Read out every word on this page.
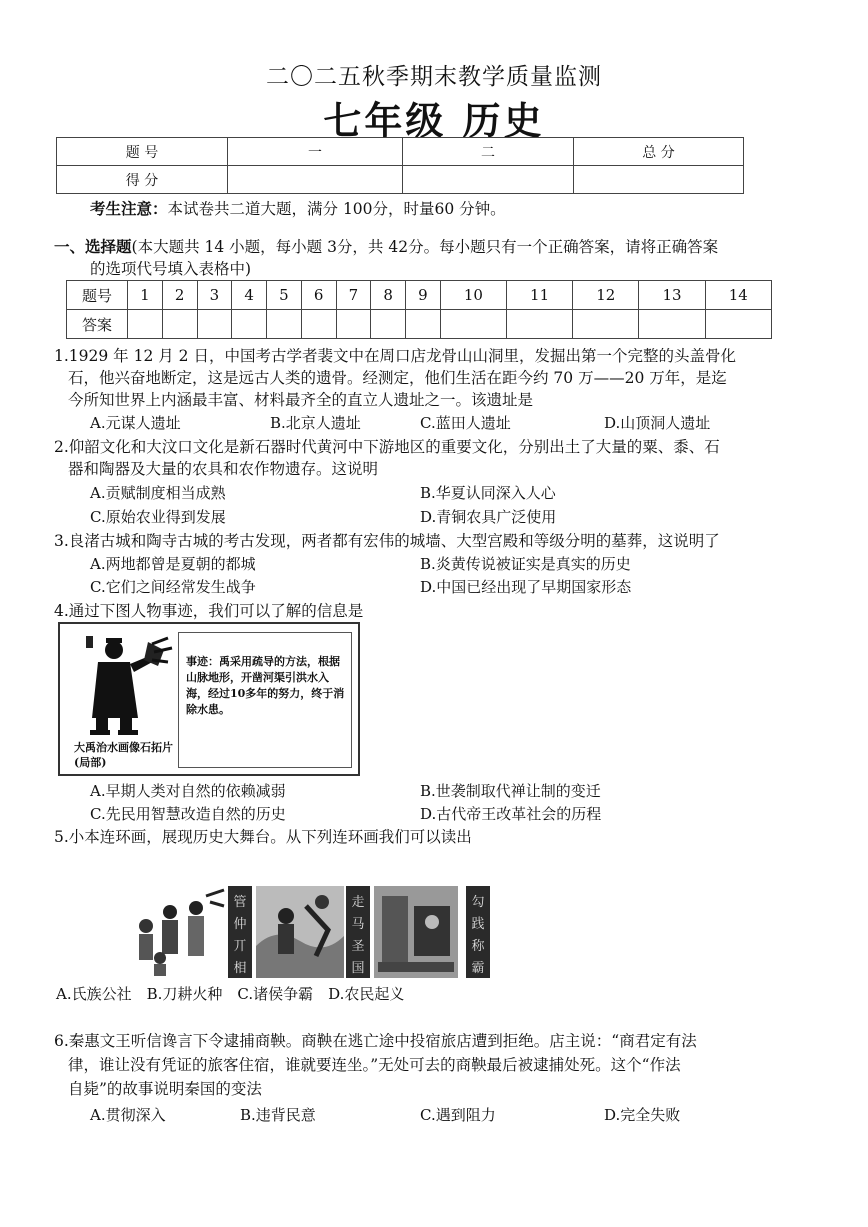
二〇二五秋季期末教学质量监测
七年级 历史
题 号	一	二	总 分
得 分			
考生注意：本试卷共二道大题，满分 100分，时量60 分钟。
一、选择题(本大题共 14 小题，每小题 3分，共 42分。每小题只有一个正确答案，请将正确答案
的选项代号填入表格中)
题号	1	2	3	4	5	6	7	8	9	10	11	12	13	14
答案														
1.1929 年 12 月 2 日，中国考古学者裴文中在周口店龙骨山山洞里，发掘出第一个完整的头盖骨化
石，他兴奋地断定，这是远古人类的遗骨。经测定，他们生活在距今约 70 万——20 万年，是迄
今所知世界上内涵最丰富、材料最齐全的直立人遗址之一。该遗址是
A.元谋人遗址	B.北京人遗址	C.蓝田人遗址	D.山顶洞人遗址
2.仰韶文化和大汶口文化是新石器时代黄河中下游地区的重要文化，分别出土了大量的粟、黍、石
器和陶器及大量的农具和农作物遗存。这说明
A.贡赋制度相当成熟	B.华夏认同深入人心
C.原始农业得到发展	D.青铜农具广泛使用
3.良渚古城和陶寺古城的考古发现，两者都有宏伟的城墙、大型宫殿和等级分明的墓葬，这说明了
A.两地都曾是夏朝的都城	B.炎黄传说被证实是真实的历史
C.它们之间经常发生战争	D.中国已经出现了早期国家形态
4.通过下图人物事迹，我们可以了解的信息是
大禹治水画像石拓片(局部)
事迹：禹采用疏导的方法，根据山脉地形，开凿河渠引洪水入海，经过10多年的努力，终于消除水患。
A.早期人类对自然的依赖减弱	B.世袭制取代禅让制的变迁
C.先民用智慧改造自然的历史	D.古代帝王改革社会的历程
5.小本连环画，展现历史大舞台。从下列连环画我们可以读出
管仲丌相
走马圣国
勾践称霸
A.氏族公社　B.刀耕火种　C.诸侯争霸　D.农民起义
6.秦惠文王听信谗言下令逮捕商鞅。商鞅在逃亡途中投宿旅店遭到拒绝。店主说：“商君定有法
律，谁让没有凭证的旅客住宿，谁就要连坐。”无处可去的商鞅最后被逮捕处死。这个“作法
自毙”的故事说明秦国的变法
A.贯彻深入	B.违背民意	C.遇到阻力	D.完全失败
